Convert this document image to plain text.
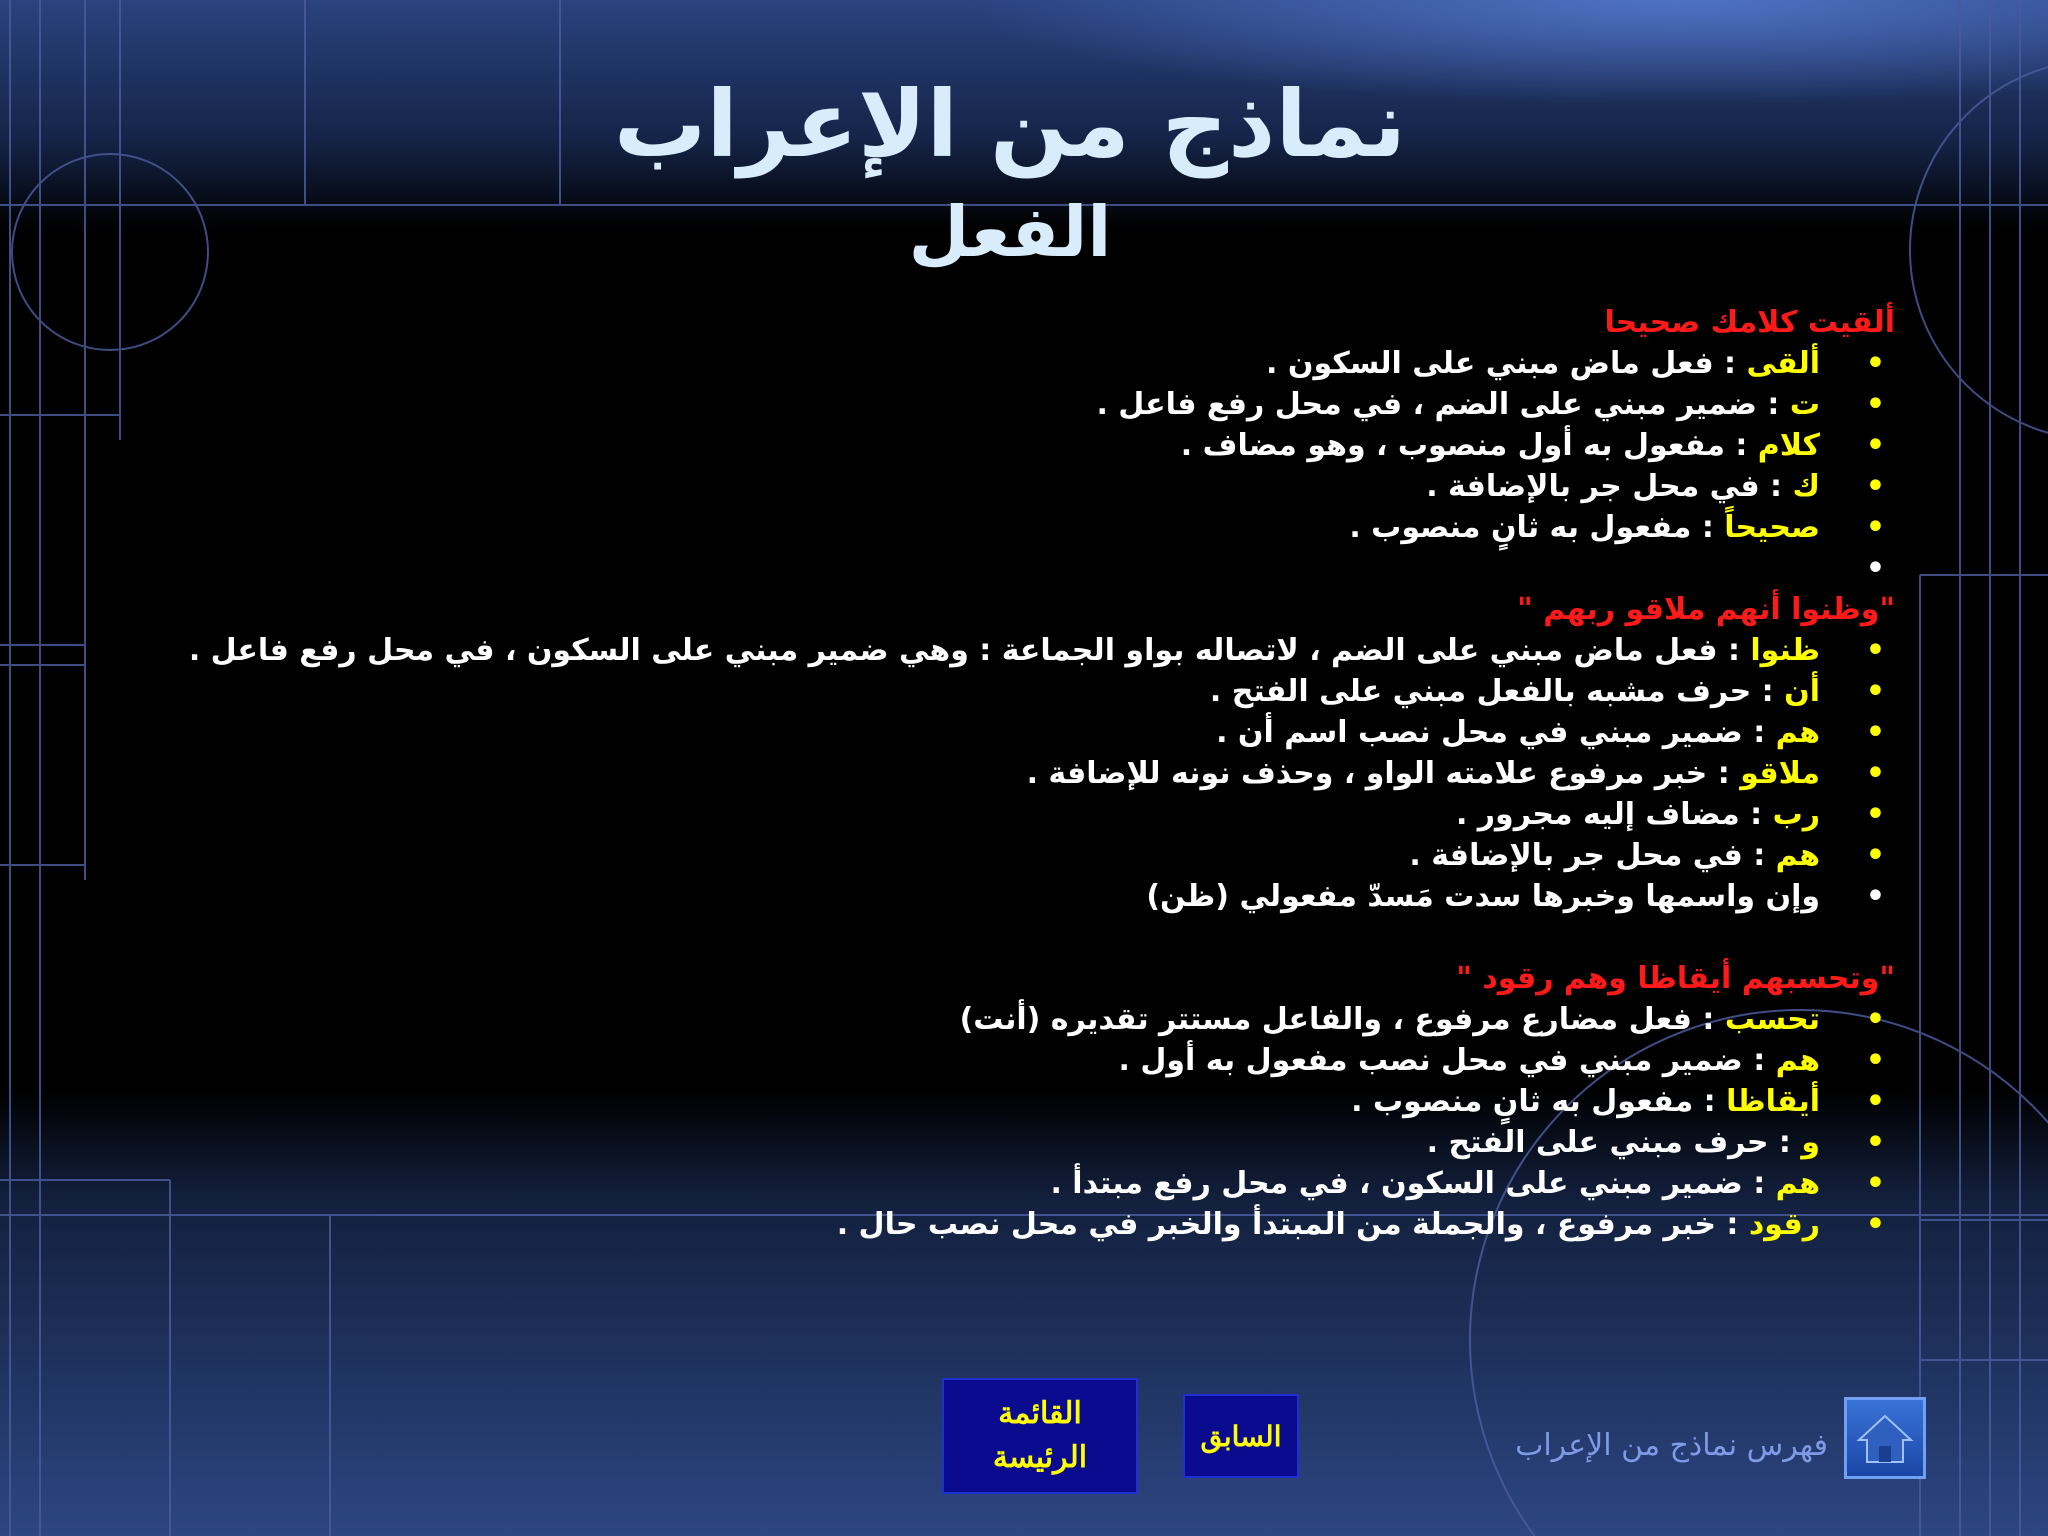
نماذج من الإعراب
الفعل
ألقيت كلامك صحيحا
•
ألقى : فعل ماض مبني على السكون .
•
ت : ضمير مبني على الضم ، في محل رفع فاعل .
•
كلام : مفعول به أول منصوب ، وهو مضاف .
•
ك : في محل جر بالإضافة .
•
صحيحاً : مفعول به ثانٍ منصوب .
•

"وظنوا أنهم ملاقو ربهم "
•
ظنوا : فعل ماض مبني على الضم ، لاتصاله بواو الجماعة : وهي ضمير مبني على السكون ، في محل رفع فاعل .
•
أن : حرف مشبه بالفعل مبني على الفتح .
•
هم : ضمير مبني في محل نصب اسم أن .
•
ملاقو : خبر مرفوع علامته الواو ، وحذف نونه للإضافة .
•
رب : مضاف إليه مجرور .
•
هم : في محل جر بالإضافة .
•
وإن واسمها وخبرها سدت مَسدّ مفعولي (ظن)
"وتحسبهم أيقاظا وهم رقود "
•
تحسب : فعل مضارع مرفوع ، والفاعل مستتر تقديره (أنت)
•
هم : ضمير مبني في محل نصب مفعول به أول .
•
أيقاظا : مفعول به ثانٍ منصوب .
•
و : حرف مبني على الفتح .
•
هم : ضمير مبني على السكون ، في محل رفع مبتدأ .
•
رقود : خبر مرفوع ، والجملة من المبتدأ والخبر في محل نصب حال .
القائمة
الرئيسة
السابق	فهرس نماذج من الإعراب
